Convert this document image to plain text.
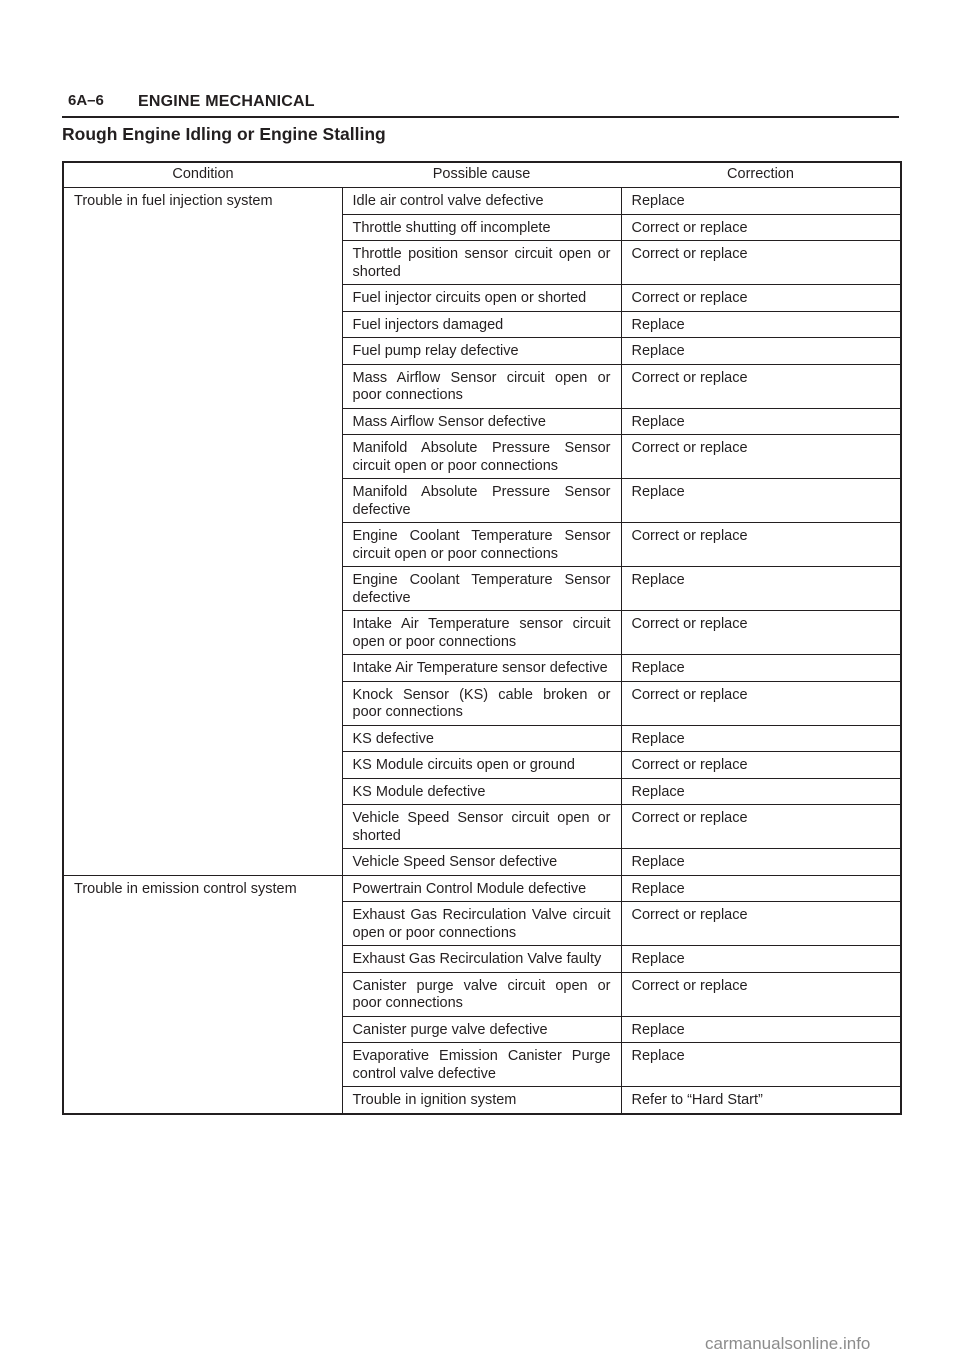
6A–6 ENGINE MECHANICAL
Rough Engine Idling or Engine Stalling
Condition	Possible cause	Correction
Trouble in fuel injection system	Idle air control valve defective	Replace
	Throttle shutting off incomplete	Correct or replace
	Throttle position sensor circuit open or shorted	Correct or replace
	Fuel injector circuits open or shorted	Correct or replace
	Fuel injectors damaged	Replace
	Fuel pump relay defective	Replace
	Mass Airflow Sensor circuit open or poor connections	Correct or replace
	Mass Airflow Sensor defective	Replace
	Manifold Absolute Pressure Sensor circuit open or poor connections	Correct or replace
	Manifold Absolute Pressure Sensor defective	Replace
	Engine Coolant Temperature Sensor circuit open or poor connections	Correct or replace
	Engine Coolant Temperature Sensor defective	Replace
	Intake Air Temperature sensor circuit open or poor connections	Correct or replace
	Intake Air Temperature sensor defective	Replace
	Knock Sensor (KS) cable broken or poor connections	Correct or replace
	KS defective	Replace
	KS Module circuits open or ground	Correct or replace
	KS Module defective	Replace
	Vehicle Speed Sensor circuit open or shorted	Correct or replace
	Vehicle Speed Sensor defective	Replace
Trouble in emission control system	Powertrain Control Module defective	Replace
	Exhaust Gas Recirculation Valve circuit open or poor connections	Correct or replace
	Exhaust Gas Recirculation Valve faulty	Replace
	Canister purge valve circuit open or poor connections	Correct or replace
	Canister purge valve defective	Replace
	Evaporative Emission Canister Purge control valve defective	Replace
	Trouble in ignition system	Refer to “Hard Start”
carmanualsonline.info
